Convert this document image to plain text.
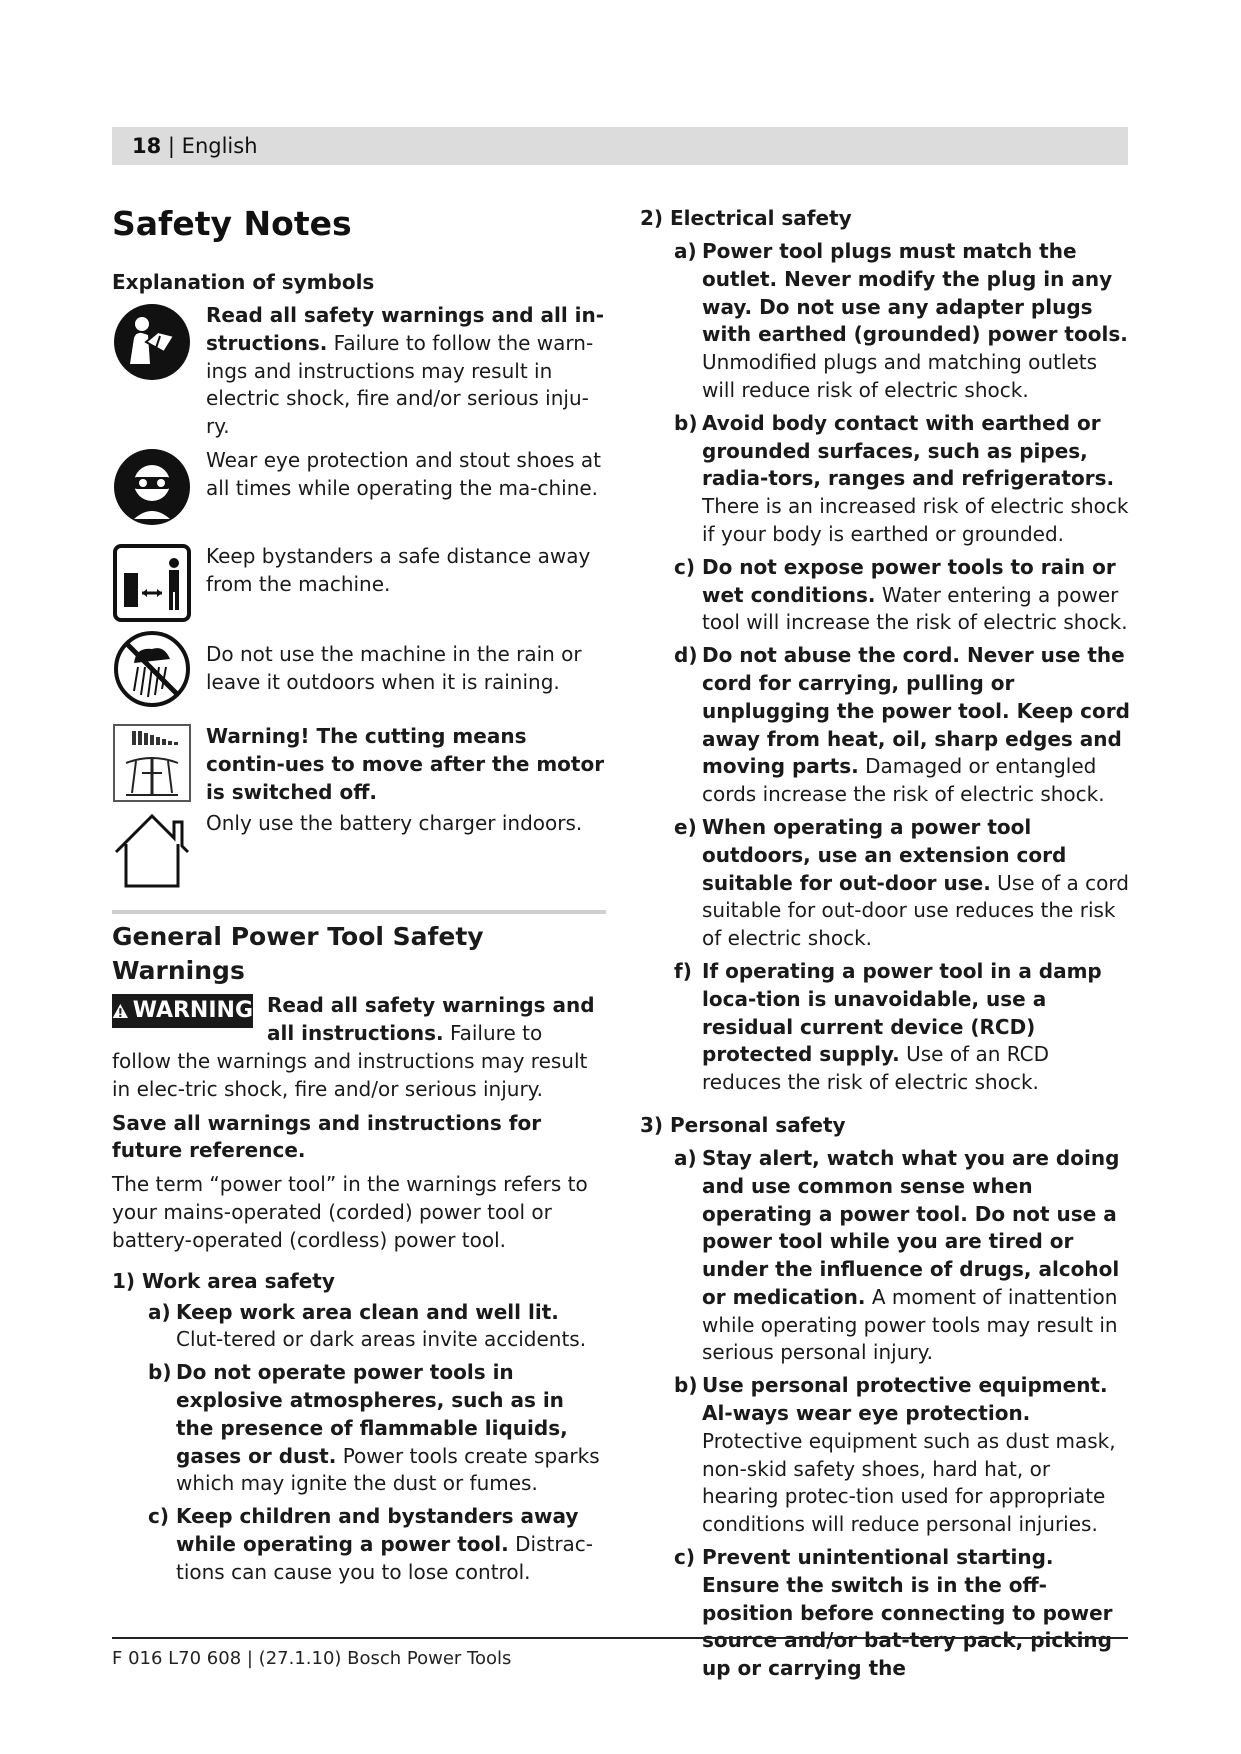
18 | English

Safety Notes

Explanation of symbols

Read all safety warnings and all in-structions. Failure to follow the warn-ings and instructions may result in electric shock, fire and/or serious inju-ry.
Wear eye protection and stout shoes at all times while operating the ma-chine.
Keep bystanders a safe distance away from the machine.
Do not use the machine in the rain or leave it outdoors when it is raining.
Warning! The cutting means contin-ues to move after the motor is switched off.
Only use the battery charger indoors.

General Power Tool Safety Warnings

WARNING Read all safety warnings and all instructions. Failure to follow the warnings and instructions may result in elec-tric shock, fire and/or serious injury.

Save all warnings and instructions for future reference.

The term “power tool” in the warnings refers to your mains-operated (corded) power tool or battery-operated (cordless) power tool.

1) Work area safety

a) Keep work area clean and well lit. Clut-tered or dark areas invite accidents.
b) Do not operate power tools in explosive atmospheres, such as in the presence of flammable liquids, gases or dust. Power tools create sparks which may ignite the dust or fumes.
c) Keep children and bystanders away while operating a power tool. Distrac-tions can cause you to lose control.

2) Electrical safety

a) Power tool plugs must match the outlet. Never modify the plug in any way. Do not use any adapter plugs with earthed (grounded) power tools. Unmodified plugs and matching outlets will reduce risk of electric shock.
b) Avoid body contact with earthed or grounded surfaces, such as pipes, radia-tors, ranges and refrigerators. There is an increased risk of electric shock if your body is earthed or grounded.
c) Do not expose power tools to rain or wet conditions. Water entering a power tool will increase the risk of electric shock.
d) Do not abuse the cord. Never use the cord for carrying, pulling or unplugging the power tool. Keep cord away from heat, oil, sharp edges and moving parts. Damaged or entangled cords increase the risk of electric shock.
e) When operating a power tool outdoors, use an extension cord suitable for out-door use. Use of a cord suitable for out-door use reduces the risk of electric shock.
f) If operating a power tool in a damp loca-tion is unavoidable, use a residual current device (RCD) protected supply. Use of an RCD reduces the risk of electric shock.

3) Personal safety

a) Stay alert, watch what you are doing and use common sense when operating a power tool. Do not use a power tool while you are tired or under the influence of drugs, alcohol or medication. A moment of inattention while operating power tools may result in serious personal injury.
b) Use personal protective equipment. Al-ways wear eye protection. Protective equipment such as dust mask, non-skid safety shoes, hard hat, or hearing protec-tion used for appropriate conditions will reduce personal injuries.
c) Prevent unintentional starting. Ensure the switch is in the off-position before connecting to power source and/or bat-tery pack, picking up or carrying the
F 016 L70 608 | (27.1.10) Bosch Power Tools
